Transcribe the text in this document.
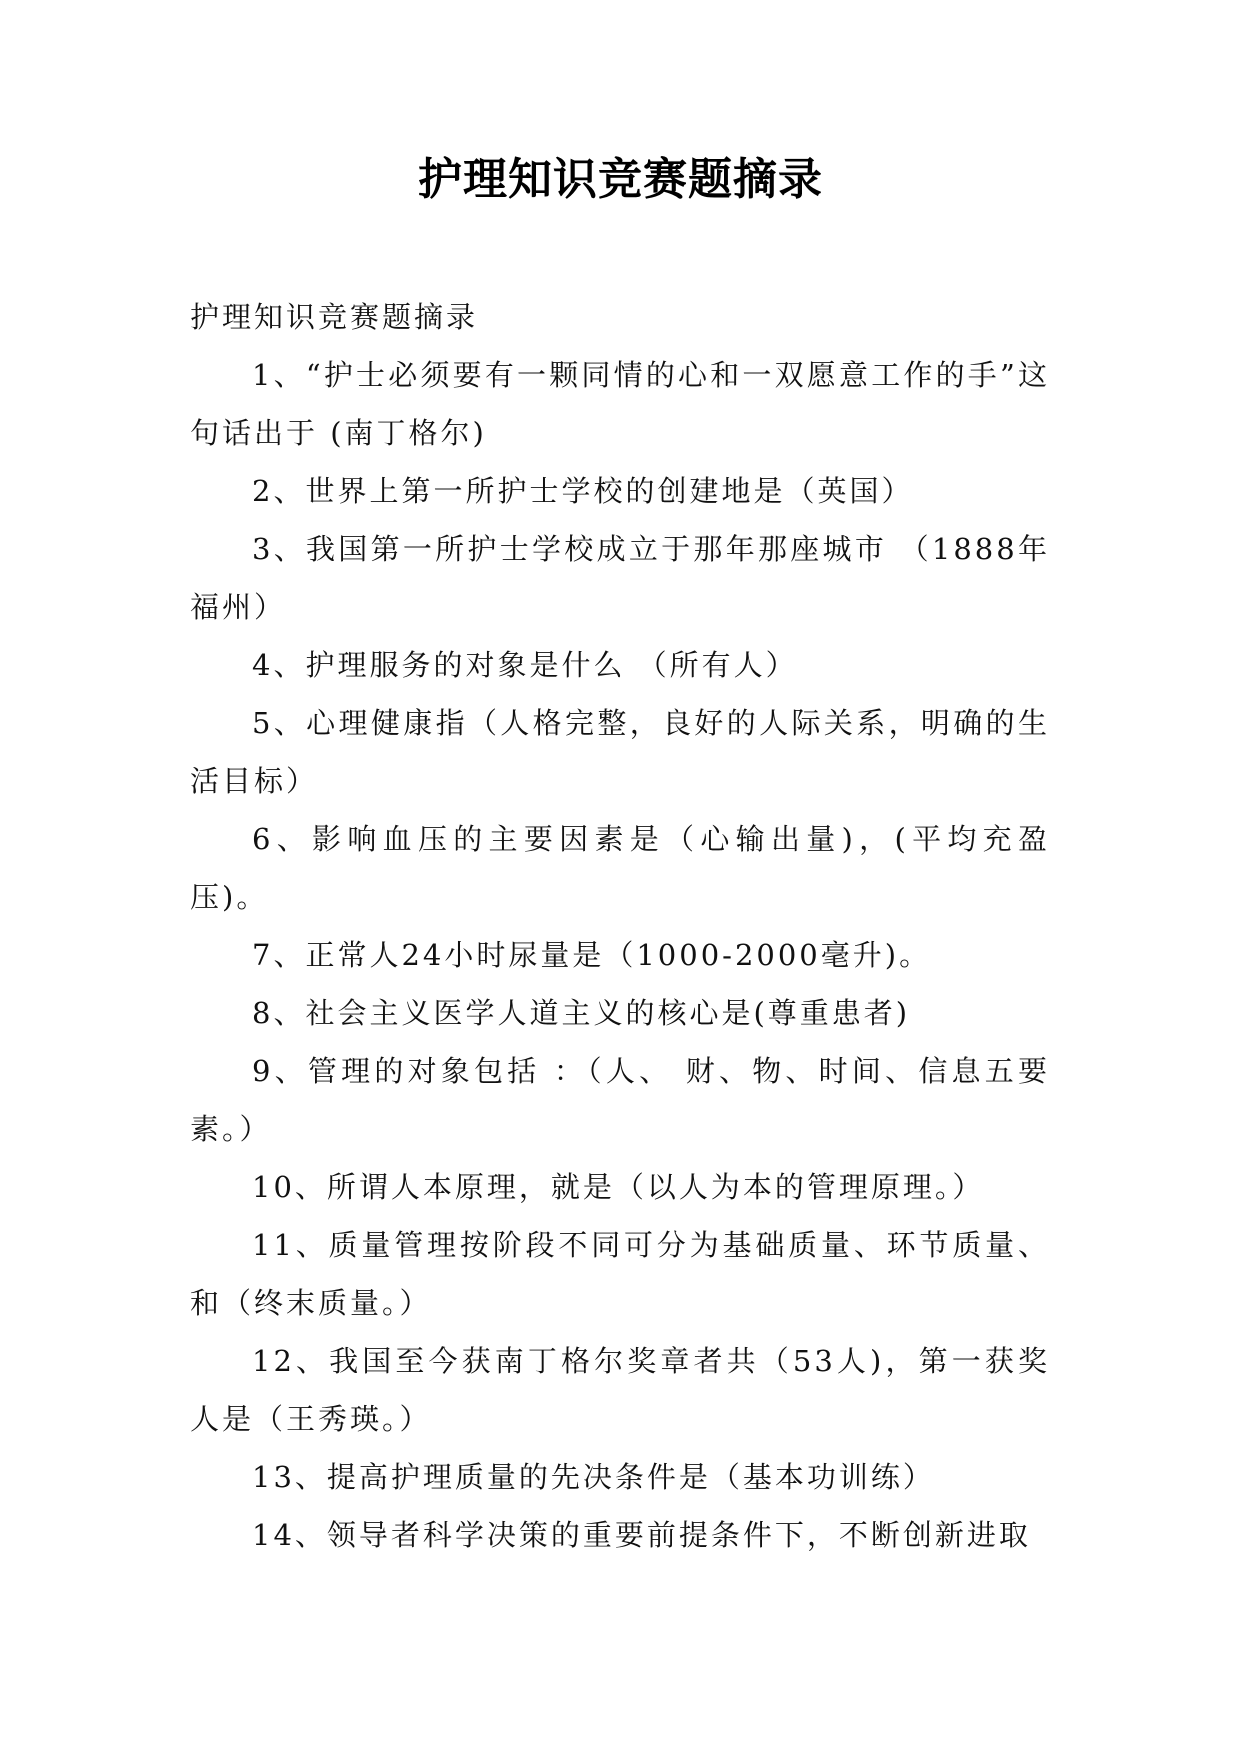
护理知识竞赛题摘录

护理知识竞赛题摘录

1、“护士必须要有一颗同情的心和一双愿意工作的手”这句话出于 (南丁格尔)

2、世界上第一所护士学校的创建地是（英国）

3、我国第一所护士学校成立于那年那座城市 （1888年福州）

4、护理服务的对象是什么 （所有人）

5、心理健康指（人格完整，良好的人际关系，明确的生活目标）

6、影响血压的主要因素是（心输出量)，(平均充盈压)。

7、正常人24小时尿量是（1000-2000毫升)。

8、社会主义医学人道主义的核心是(尊重患者)

9、管理的对象包括 ：（人、 财、物、时间、信息五要素。）

10、所谓人本原理，就是（以人为本的管理原理。）

11、质量管理按阶段不同可分为基础质量、环节质量、和（终末质量。）

12、我国至今获南丁格尔奖章者共（53人)，第一获奖人是（王秀瑛。）

13、提高护理质量的先决条件是（基本功训练）

14、领导者科学决策的重要前提条件下，不断创新进取
